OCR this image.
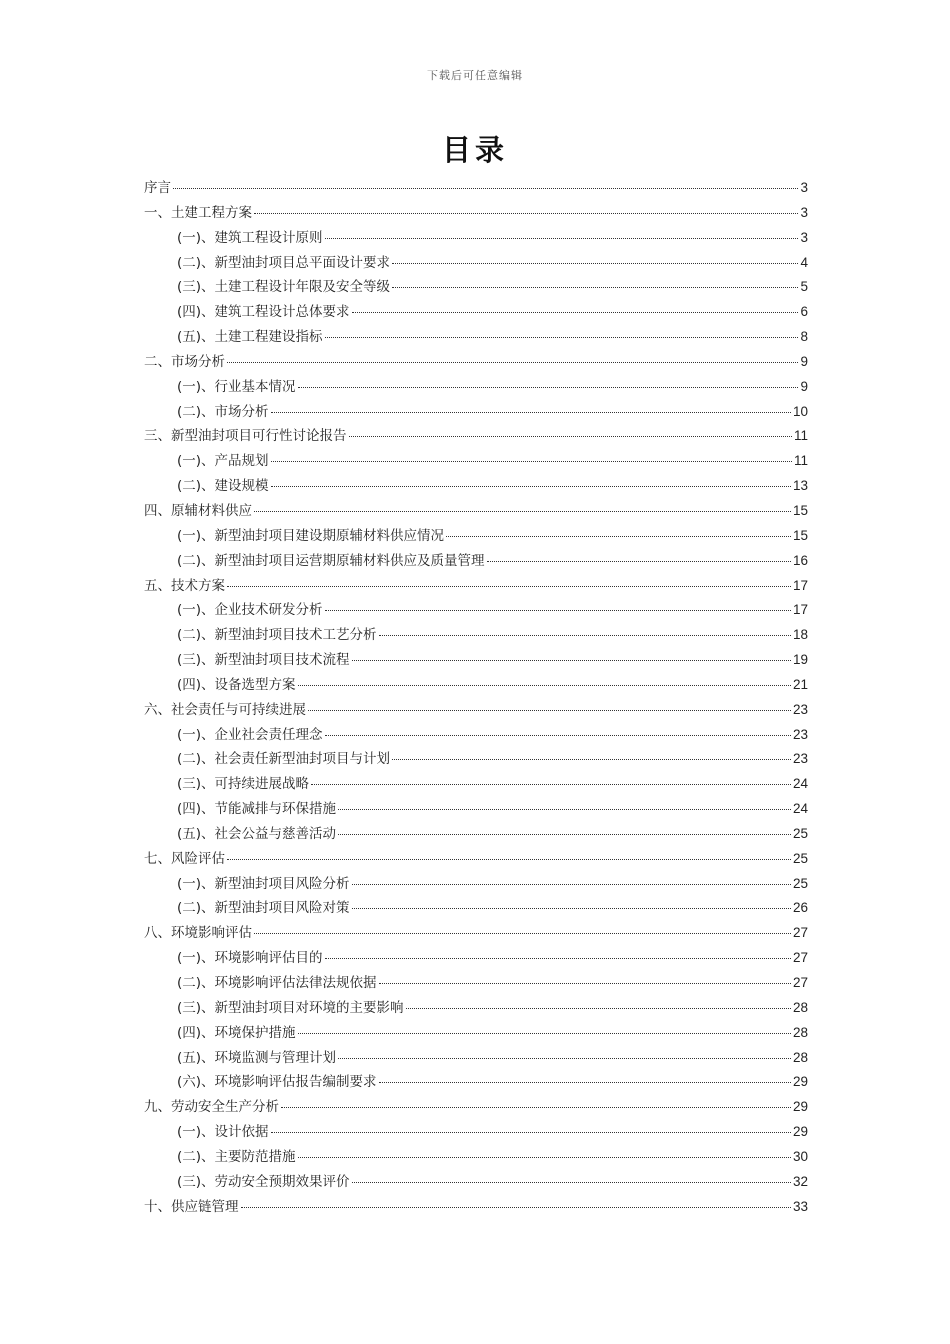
下载后可任意编辑
目录
序言	3
一、土建工程方案	3
(一)、建筑工程设计原则	3
(二)、新型油封项目总平面设计要求	4
(三)、土建工程设计年限及安全等级	5
(四)、建筑工程设计总体要求	6
(五)、土建工程建设指标	8
二、市场分析	9
(一)、行业基本情况	9
(二)、市场分析	10
三、新型油封项目可行性讨论报告	11
(一)、产品规划	11
(二)、建设规模	13
四、原辅材料供应	15
(一)、新型油封项目建设期原辅材料供应情况	15
(二)、新型油封项目运营期原辅材料供应及质量管理	16
五、技术方案	17
(一)、企业技术研发分析	17
(二)、新型油封项目技术工艺分析	18
(三)、新型油封项目技术流程	19
(四)、设备选型方案	21
六、社会责任与可持续进展	23
(一)、企业社会责任理念	23
(二)、社会责任新型油封项目与计划	23
(三)、可持续进展战略	24
(四)、节能减排与环保措施	24
(五)、社会公益与慈善活动	25
七、风险评估	25
(一)、新型油封项目风险分析	25
(二)、新型油封项目风险对策	26
八、环境影响评估	27
(一)、环境影响评估目的	27
(二)、环境影响评估法律法规依据	27
(三)、新型油封项目对环境的主要影响	28
(四)、环境保护措施	28
(五)、环境监测与管理计划	28
(六)、环境影响评估报告编制要求	29
九、劳动安全生产分析	29
(一)、设计依据	29
(二)、主要防范措施	30
(三)、劳动安全预期效果评价	32
十、供应链管理	33
